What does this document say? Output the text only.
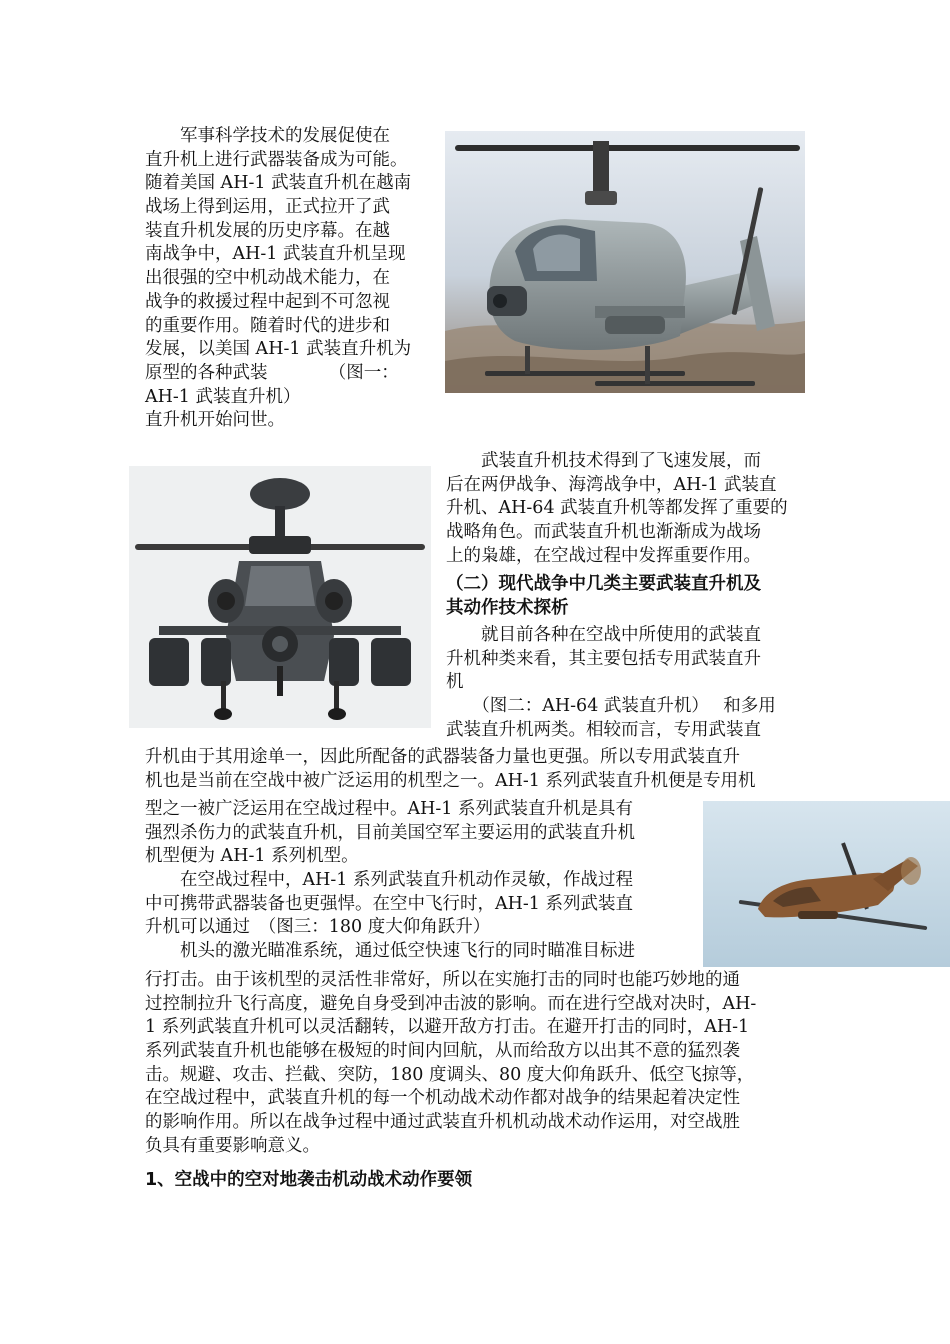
　　军事科学技术的发展促使在
直升机上进行武器装备成为可能。
随着美国 AH-1 武装直升机在越南
战场上得到运用，正式拉开了武
装直升机发展的历史序幕。在越
南战争中，AH-1 武装直升机呈现
出很强的空中机动战术能力，在
战争的救援过程中起到不可忽视
的重要作用。随着时代的进步和
发展，以美国 AH-1 武装直升机为
原型的各种武装　　　　（图一：
AH-1 武装直升机）
直升机开始问世。
　　武装直升机技术得到了飞速发展，而
后在两伊战争、海湾战争中，AH-1 武装直
升机、AH-64 武装直升机等都发挥了重要的
战略角色。而武装直升机也渐渐成为战场
上的枭雄，在空战过程中发挥重要作用。
（二）现代战争中几类主要武装直升机及
其动作技术探析
　　就目前各种在空战中所使用的武装直
升机种类来看，其主要包括专用武装直升
机
　　（图二：AH-64 武装直升机）　 和多用
武装直升机两类。相较而言，专用武装直
升机由于其用途单一，因此所配备的武器装备力量也更强。所以专用武装直升
机也是当前在空战中被广泛运用的机型之一。AH-1 系列武装直升机便是专用机
型之一被广泛运用在空战过程中。AH-1 系列武装直升机是具有
强烈杀伤力的武装直升机，目前美国空军主要运用的武装直升机
机型便为 AH-1 系列机型。
　　在空战过程中，AH-1 系列武装直升机动作灵敏，作战过程
中可携带武器装备也更强悍。在空中飞行时，AH-1 系列武装直
升机可以通过　（图三：180 度大仰角跃升）
　　机头的激光瞄准系统，通过低空快速飞行的同时瞄准目标进
行打击。由于该机型的灵活性非常好，所以在实施打击的同时也能巧妙地的通
过控制拉升飞行高度，避免自身受到冲击波的影响。而在进行空战对决时，AH-
1 系列武装直升机可以灵活翻转，以避开敌方打击。在避开打击的同时，AH-1
系列武装直升机也能够在极短的时间内回航，从而给敌方以出其不意的猛烈袭
击。规避、攻击、拦截、突防，180 度调头、80 度大仰角跃升、低空飞掠等，
在空战过程中，武装直升机的每一个机动战术动作都对战争的结果起着决定性
的影响作用。所以在战争过程中通过武装直升机机动战术动作运用，对空战胜
负具有重要影响意义。
1、空战中的空对地袭击机动战术动作要领
